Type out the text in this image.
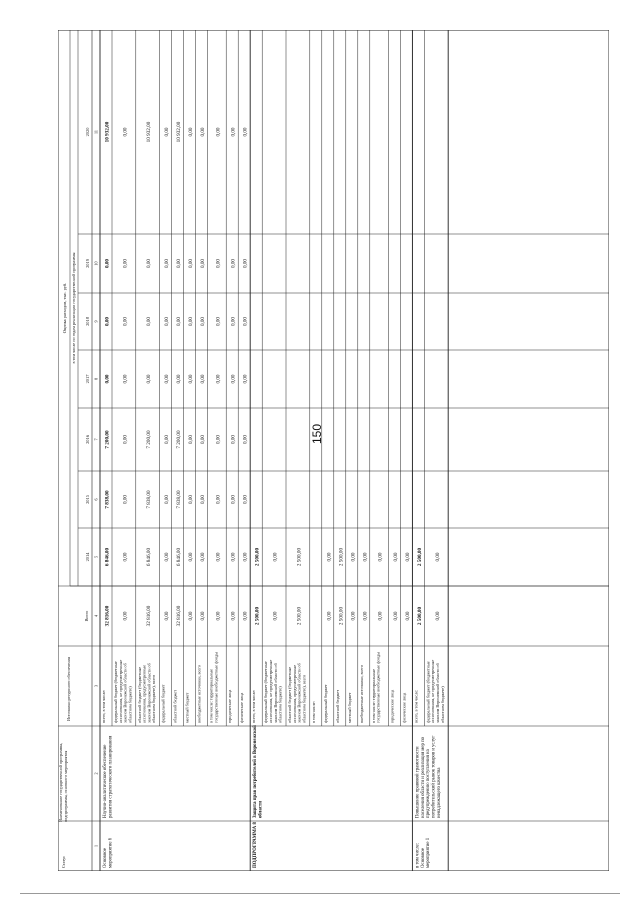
150
Статус
Наименование государственной программы, подпрограммы, основного мероприятия
Источники ресурсного обеспечения
Оценка расходов, тыс. руб. в том числе по годам реализации государственной программы
Всего
2014
2015
2016
2017
2018
2019
2020
1
2
3
4
5
6
7
8
9
10
11
всего, в том числе:
32 816,00
6 846,00
7 838,00
7 200,00
0,00
0,00
0,00
10 932,00
федеральный бюджет (бюджетные ассигнования, не предусмотренные законом Воронежской области об областном бюджете)
0,00
0,00
0,00
0,00
0,00
0,00
0,00
0,00
областной бюджет (бюджетные ассигнования, предусмотренные законом Воронежской области об областном бюджете), всего
32 816,00
6 846,00
7 838,00
7 200,00
0,00
0,00
0,00
10 932,00
федеральный бюджет
0,00
0,00
0,00
0,00
0,00
0,00
0,00
0,00
областной бюджет
32 816,00
6 846,00
7 838,00
7 200,00
0,00
0,00
0,00
10 932,00
местный бюджет
0,00
0,00
0,00
0,00
0,00
0,00
0,00
0,00
внебюджетные источники, всего
0,00
0,00
0,00
0,00
0,00
0,00
0,00
0,00
в том числе: территориальные государственные внебюджетные фонды
0,00
0,00
0,00
0,00
0,00
0,00
0,00
0,00
юридические лица
0,00
0,00
0,00
0,00
0,00
0,00
0,00
0,00
физические лица
0,00
0,00
0,00
0,00
0,00
0,00
0,00
0,00
Основное мероприятие 6
Научно-аналитическое обеспечение развития стратегического планирования
всего, в том числе:
2 500,00
2 500,00
федеральный бюджет (бюджетные ассигнования, не предусмотренные законом Воронежской области об областном бюджете)
0,00
0,00
областной бюджет (бюджетные ассигнования, предусмотренные законом Воронежской области об областном бюджете), всего
2 500,00
2 500,00
в том числе: федеральный бюджет
0,00
0,00
областной бюджет
2 500,00
2 500,00
местный бюджет
0,00
0,00
внебюджетные источники, всего
0,00
0,00
в том числе: территориальные государственные внебюджетные фонды
0,00
0,00
юридические лица
0,00
0,00
физические лица
0,00
0,00
ПОДПРОГРАММА 8
Защита прав потребителей в Воронежской области
всего, в том числе:
2 500,00
2 500,00
федеральный бюджет (бюджетные ассигнования, не предусмотренные законом Воронежской области об областном бюджете)
0,00
0,00
в том числе: Основное мероприятие 1
Повышение правовой грамотности населения области и реализация мер по предупреждению поступления на потребительский рынок товаров и услуг ненадлежащего качества
